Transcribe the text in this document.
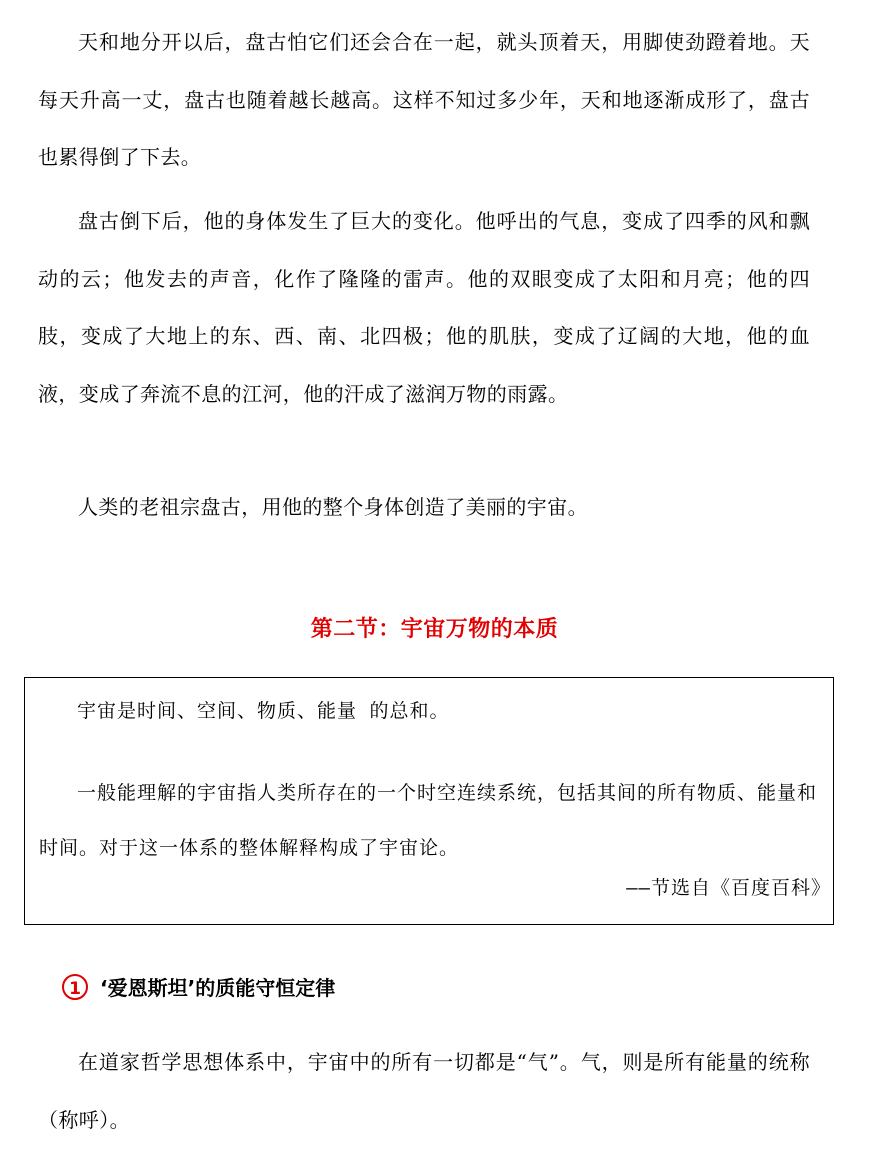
天和地分开以后，盘古怕它们还会合在一起，就头顶着天，用脚使劲蹬着地。天每天升高一丈，盘古也随着越长越高。这样不知过多少年，天和地逐渐成形了，盘古也累得倒了下去。

盘古倒下后，他的身体发生了巨大的变化。他呼出的气息，变成了四季的风和飘动的云；他发去的声音，化作了隆隆的雷声。他的双眼变成了太阳和月亮；他的四肢，变成了大地上的东、西、南、北四极；他的肌肤，变成了辽阔的大地，他的血液，变成了奔流不息的江河，他的汗成了滋润万物的雨露。

人类的老祖宗盘古，用他的整个身体创造了美丽的宇宙。

第二节：宇宙万物的本质

宇宙是时间、空间、物质、能量 的总和。

一般能理解的宇宙指人类所存在的一个时空连续系统，包括其间的所有物质、能量和时间。对于这一体系的整体解释构成了宇宙论。

——节选自《百度百科》

1 ‘爱恩斯坦’的质能守恒定律

在道家哲学思想体系中，宇宙中的所有一切都是“气”。气，则是所有能量的统称（称呼）。
